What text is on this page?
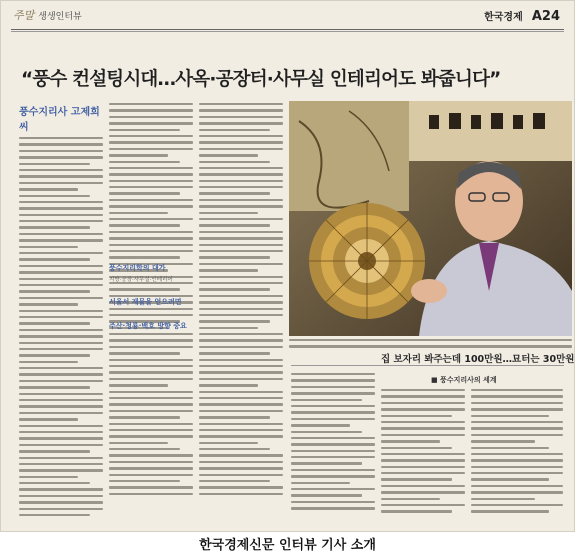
주말 생생인터뷰	한국경제 A24
“풍수 컨설팅시대…사옥·공장터·사무실 인테리어도 봐줍니다”
풍수지리사 고제희 씨
풍수지리학의 대가
지방·공장·사무실·인테리어
서울서 재물을 얻으려면
주산·청룡·백호 방향 중요
집 보자리 봐주는데 100만원…묘터는 30만원
■ 풍수지리사의 세계
한국경제신문 인터뷰 기사 소개
